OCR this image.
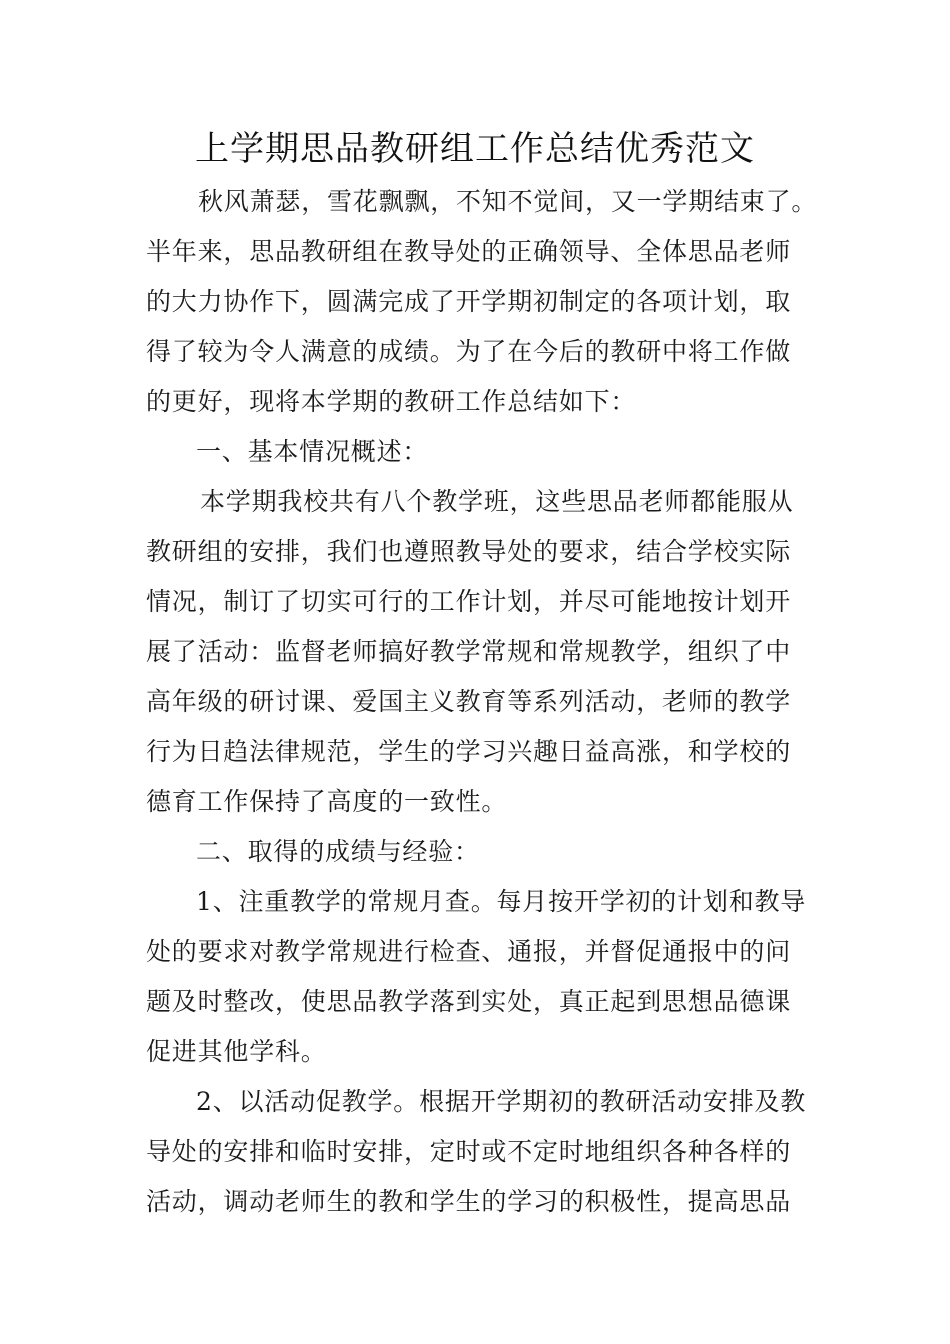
上学期思品教研组工作总结优秀范文
秋风萧瑟，雪花飘飘，不知不觉间，又一学期结束了。
半年来，思品教研组在教导处的正确领导、全体思品老师
的大力协作下，圆满完成了开学期初制定的各项计划，取
得了较为令人满意的成绩。为了在今后的教研中将工作做
的更好，现将本学期的教研工作总结如下：
一、基本情况概述：
本学期我校共有八个教学班，这些思品老师都能服从
教研组的安排，我们也遵照教导处的要求，结合学校实际
情况，制订了切实可行的工作计划，并尽可能地按计划开
展了活动：监督老师搞好教学常规和常规教学，组织了中
高年级的研讨课、爱国主义教育等系列活动，老师的教学
行为日趋法律规范，学生的学习兴趣日益高涨，和学校的
德育工作保持了高度的一致性。
二、取得的成绩与经验：
1、注重教学的常规月查。每月按开学初的计划和教导
处的要求对教学常规进行检查、通报，并督促通报中的问
题及时整改，使思品教学落到实处，真正起到思想品德课
促进其他学科。
2、以活动促教学。根据开学期初的教研活动安排及教
导处的安排和临时安排，定时或不定时地组织各种各样的
活动，调动老师生的教和学生的学习的积极性，提高思品
